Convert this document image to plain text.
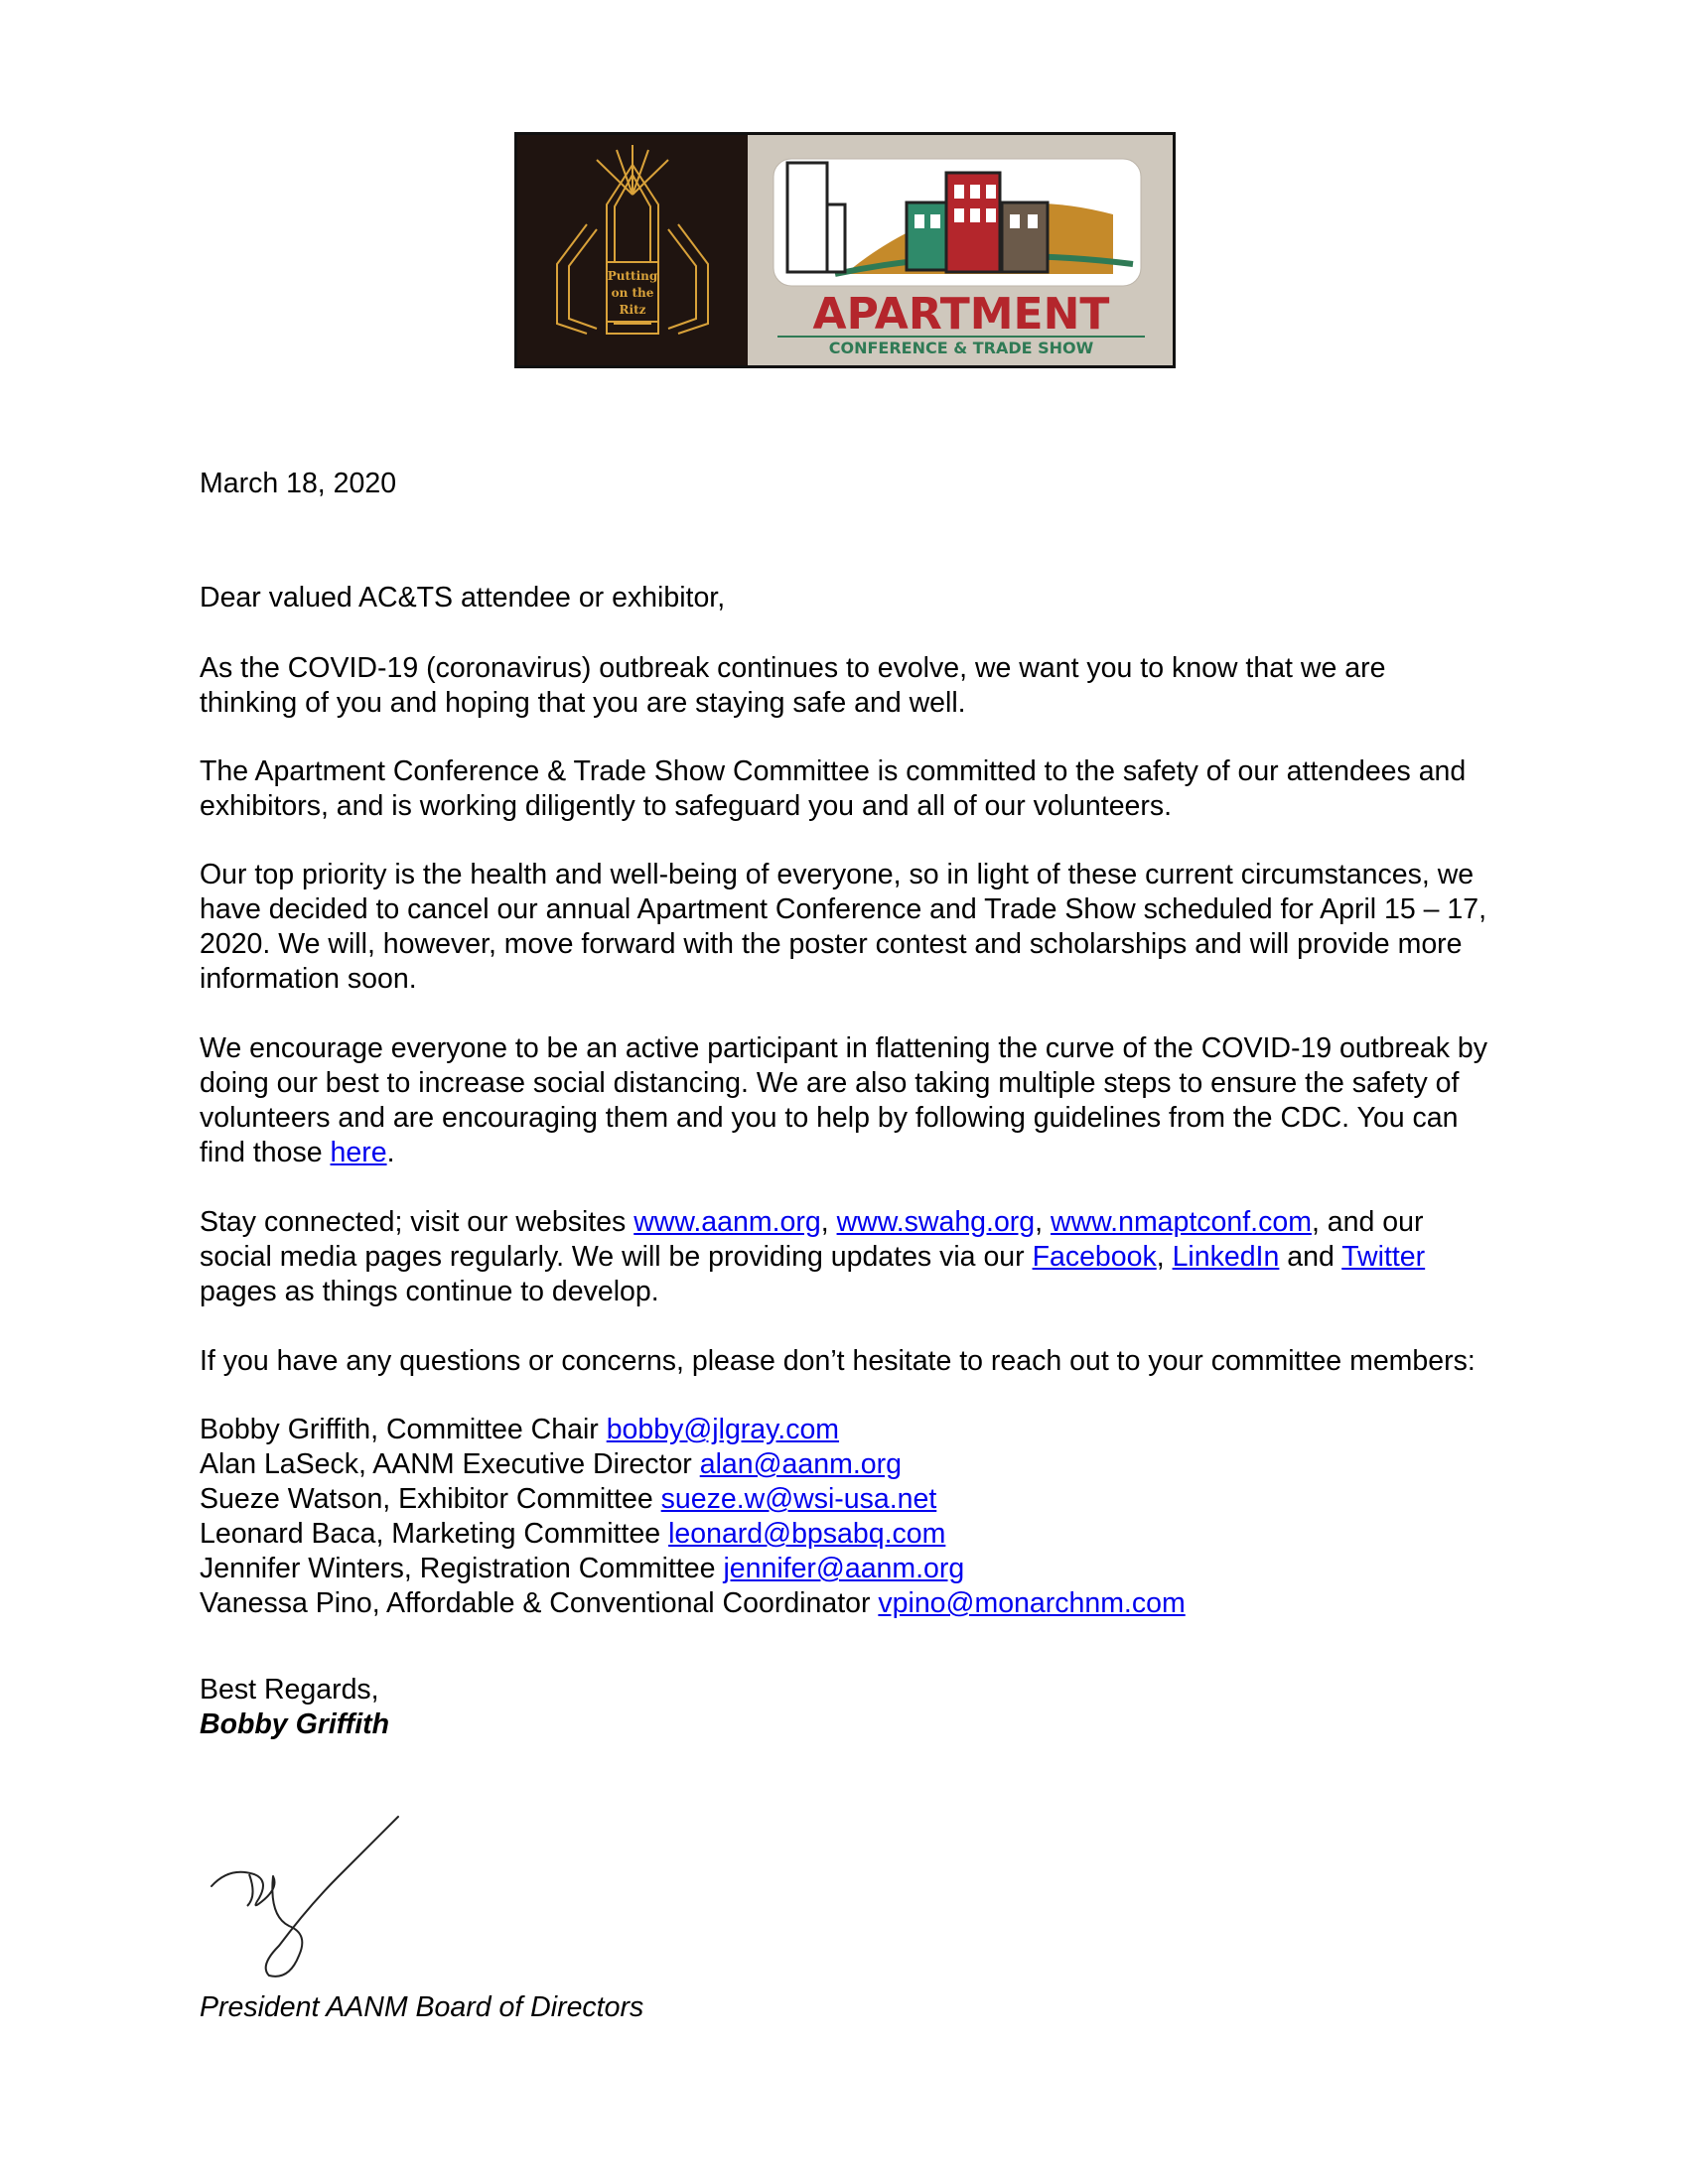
Putting
on the
Ritz	APARTMENT
CONFERENCE & TRADE SHOW

March 18, 2020

Dear valued AC&TS attendee or exhibitor,

As the COVID-19 (coronavirus) outbreak continues to evolve, we want you to know that we are thinking of you and hoping that you are staying safe and well.

The Apartment Conference & Trade Show Committee is committed to the safety of our attendees and exhibitors, and is working diligently to safeguard you and all of our volunteers.

Our top priority is the health and well-being of everyone, so in light of these current circumstances, we have decided to cancel our annual Apartment Conference and Trade Show scheduled for April 15 – 17, 2020. We will, however, move forward with the poster contest and scholarships and will provide more information soon.

We encourage everyone to be an active participant in flattening the curve of the COVID-19 outbreak by doing our best to increase social distancing. We are also taking multiple steps to ensure the safety of volunteers and are encouraging them and you to help by following guidelines from the CDC. You can find those here.

Stay connected; visit our websites www.aanm.org, www.swahg.org, www.nmaptconf.com, and our social media pages regularly. We will be providing updates via our Facebook, LinkedIn and Twitter pages as things continue to develop.

If you have any questions or concerns, please don’t hesitate to reach out to your committee members:

Bobby Griffith, Committee Chair bobby@jlgray.com
Alan LaSeck, AANM Executive Director alan@aanm.org
Sueze Watson, Exhibitor Committee sueze.w@wsi-usa.net
Leonard Baca, Marketing Committee leonard@bpsabq.com
Jennifer Winters, Registration Committee jennifer@aanm.org
Vanessa Pino, Affordable & Conventional Coordinator vpino@monarchnm.com

Best Regards,

Bobby Griffith

President AANM Board of Directors
